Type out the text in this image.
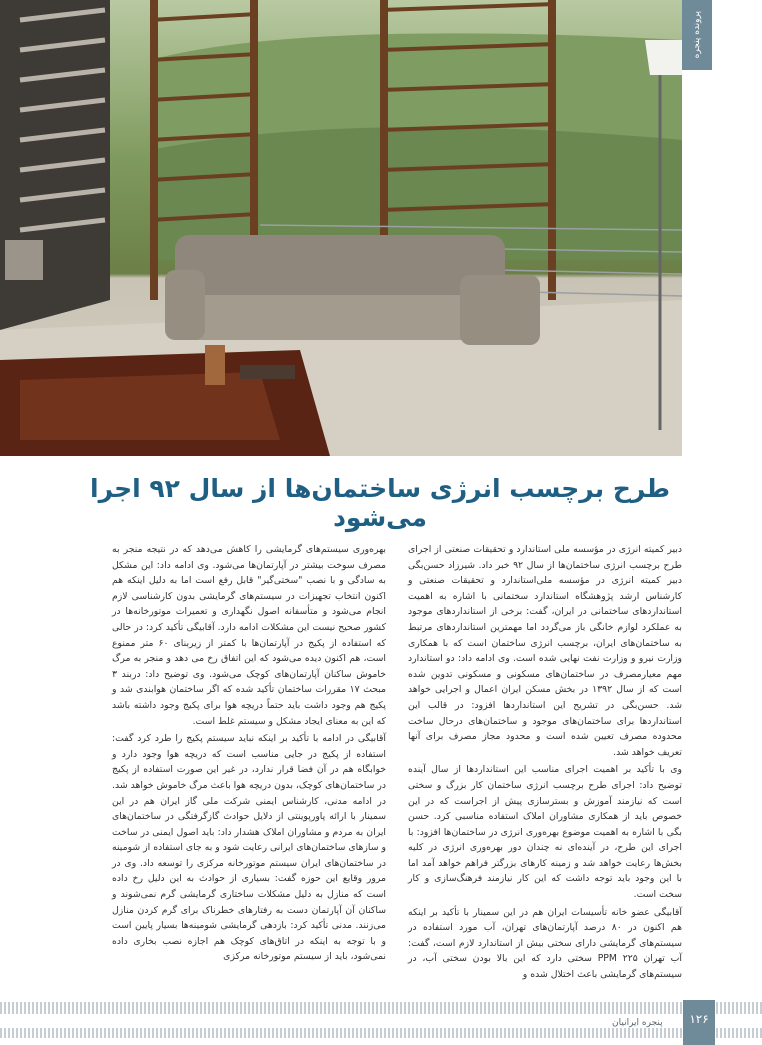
پرونده پنجره
طرح برچسب انرژی ساختمان‌ها از سال ۹۲ اجرا می‌شود

دبیر کمیته انرژی در مؤسسه ملی استاندارد و تحقیقات صنعتی از اجرای طرح برچسب انرژی ساختمان‌ها از سال ۹۲ خبر داد. شیرزاد حسن‌بگی دبیر کمیته انرژی در مؤسسه ملی‌استاندارد و تحقیقات صنعتی و کارشناس ارشد پژوهشگاه استاندارد سختمانی با اشاره به اهمیت استانداردهای ساختمانی در ایران، گفت: برخی از استانداردهای موجود به عملکرد لوازم خانگی باز می‌گردد اما مهمترین استانداردهای مرتبط به ساختمان‌های ایران، برچسب انرژی ساختمان است که با همکاری وزارت نیرو و وزارت نفت نهایی شده است. وی ادامه داد: دو استاندارد مهم معیارمصرف در ساختمان‌های مسکونی و مسکونی تدوین شده است که از سال ۱۳۹۲ در بخش مسکن ایران اعمال و اجرایی خواهد شد. حسن‌بگی در تشریح این استانداردها افزود: در قالب این استانداردها برای ساختمان‌های موجود و ساختمان‌های درحال ساخت محدوده مصرف تعیین شده است و محدود مجاز مصرف برای آنها تعریف خواهد شد.

وی با تأکید بر اهمیت اجرای مناسب این استانداردها از سال آینده توضیح داد: اجرای طرح برچسب انرژی ساختمان کار بزرگ و سختی است که نیازمند آموزش و بسترسازی پیش از اجراست که در این خصوص باید از همکاری مشاوران املاک استفاده مناسبی کرد. حسن بگی با اشاره به اهمیت موضوع بهره‌وری انرژی در ساختمان‌ها افزود: با اجرای این طرح، در آینده‌ای نه چندان دور بهره‌وری انرژی در کلیه بخش‌ها رعایت خواهد شد و زمینه کارهای بزرگتر فراهم خواهد آمد اما با این وجود باید توجه داشت که این کار نیازمند فرهنگ‌سازی و کار سخت است.

آقابیگی عضو خانه تأسیسات ایران هم در این سمینار با تأکید بر اینکه هم اکنون در ۸۰ درصد آپارتمان‌های تهران، آب مورد استفاده در سیستم‌های گرمایشی دارای سختی بیش از استاندارد لازم است، گفت: آب تهران PPM ۲۲۵ سختی دارد که این بالا بودن سختی آب، در سیستم‌های گرمایشی باعث اختلال شده و

بهره‌وری سیستم‌های گرمایشی را کاهش می‌دهد که در نتیجه منجر به مصرف سوخت بیشتر در آپارتمان‌ها می‌شود. وی ادامه داد: این مشکل به سادگی و با نصب "سختی‌گیر" قابل رفع است اما به دلیل اینکه هم اکنون انتخاب تجهیزات در سیستم‌های گرمایشی بدون کارشناسی لازم انجام می‌شود و متأسفانه اصول نگهداری و تعمیرات موتورخانه‌ها در کشور صحیح نیست این مشکلات ادامه دارد. آقابیگی تأکید کرد: در حالی که استفاده از پکیج در آپارتمان‌ها با کمتر از زیربنای ۶۰ متر ممنوع است، هم اکنون دیده می‌شود که این اتفاق رخ می دهد و منجر به مرگ خاموش ساکنان آپارتمان‌های کوچک می‌شود. وی توضیح داد: دربند ۳ مبحث ۱۷ مقررات ساختمان تأکید شده که اگر ساختمان هوابندی شد و پکیج هم وجود داشت باید حتماً دریچه هوا برای پکیج وجود داشته باشد که این به معنای ایجاد مشکل و سیستم غلط است.

آقابیگی در ادامه با تأکید بر اینکه نباید سیستم پکیج را طرد کرد گفت: استفاده از پکیج در جایی مناسب است که دریچه هوا وجود دارد و خوابگاه هم در آن فضا قرار ندارد، در غیر این صورت استفاده از پکیج در ساختمان‌های کوچک، بدون دریچه هوا باعث مرگ خاموش خواهد شد. در ادامه مدنی، کارشناس ایمنی شرکت ملی گاز ایران هم در این سمینار با ارائه پاورپوینتی از دلایل حوادث گازگرفتگی در ساختمان‌های ایران به مردم و مشاوران املاک هشدار داد: باید اصول ایمنی در ساخت و سازهای ساختمان‌های ایرانی رعایت شود و به جای استفاده از شومینه در ساختمان‌های ایران سیستم موتورخانه مرکزی را توسعه داد. وی در مرور وقایع این حوزه گفت: بسیاری از حوادث به این دلیل رخ داده است که منازل به دلیل مشکلات ساختاری گرمایشی گرم نمی‌شوند و ساکنان آن آپارتمان دست به رفتارهای خطرناک برای گرم کردن منازل می‌زنند. مدنی تأکید کرد: بازدهی گرمایشی شومینه‌ها بسیار پایین است و با توجه به اینکه در اتاق‌های کوچک هم اجازه نصب بخاری داده نمی‌شود، باید از سیستم موتورخانه مرکزی

پنجره ایرانیان	۱۲۶
